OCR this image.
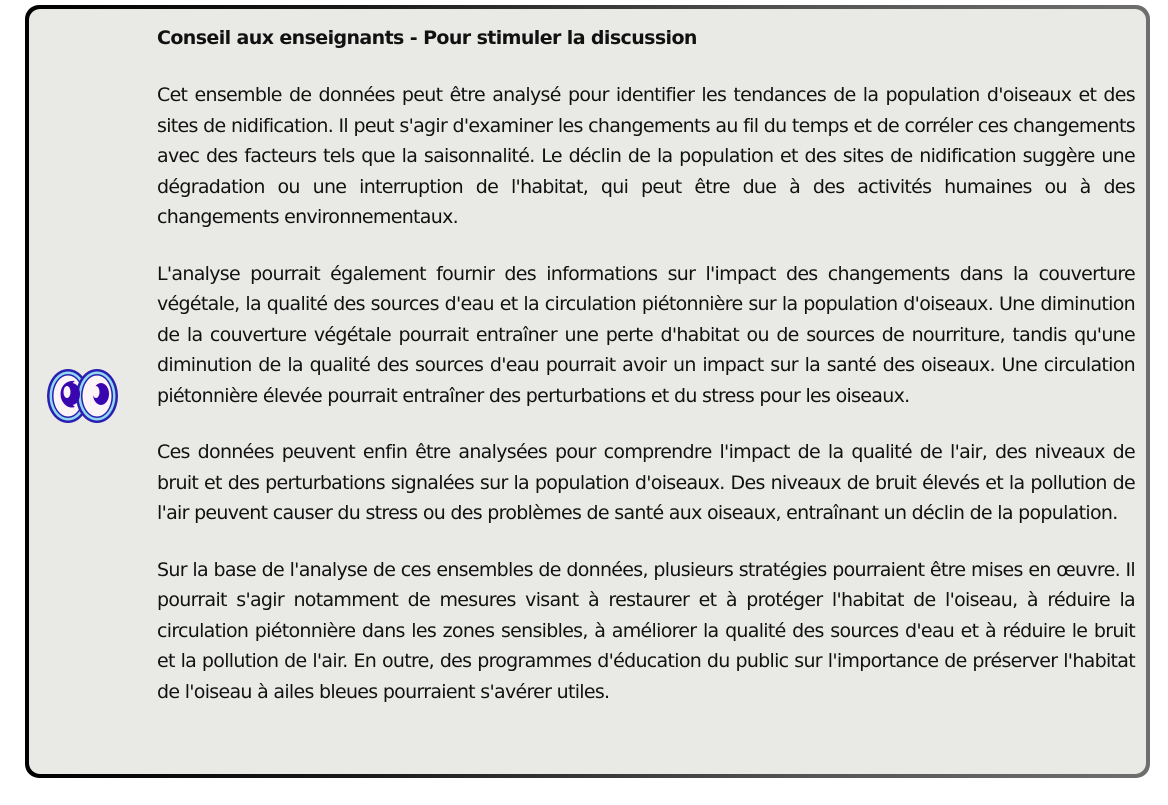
Conseil aux enseignants - Pour stimuler la discussion

Cet ensemble de données peut être analysé pour identifier les tendances de la population d'oiseaux et des sites de nidification. Il peut s'agir d'examiner les changements au fil du temps et de corréler ces changements avec des facteurs tels que la saisonnalité. Le déclin de la population et des sites de nidification suggère une dégradation ou une interruption de l'habitat, qui peut être due à des activités humaines ou à des changements environnementaux.

L'analyse pourrait également fournir des informations sur l'impact des changements dans la couverture végétale, la qualité des sources d'eau et la circulation piétonnière sur la population d'oiseaux. Une diminution de la couverture végétale pourrait entraîner une perte d'habitat ou de sources de nourriture, tandis qu'une diminution de la qualité des sources d'eau pourrait avoir un impact sur la santé des oiseaux. Une circulation piétonnière élevée pourrait entraîner des perturbations et du stress pour les oiseaux.

Ces données peuvent enfin être analysées pour comprendre l'impact de la qualité de l'air, des niveaux de bruit et des perturbations signalées sur la population d'oiseaux. Des niveaux de bruit élevés et la pollution de l'air peuvent causer du stress ou des problèmes de santé aux oiseaux, entraînant un déclin de la population.

Sur la base de l'analyse de ces ensembles de données, plusieurs stratégies pourraient être mises en œuvre. Il pourrait s'agir notamment de mesures visant à restaurer et à protéger l'habitat de l'oiseau, à réduire la circulation piétonnière dans les zones sensibles, à améliorer la qualité des sources d'eau et à réduire le bruit et la pollution de l'air. En outre, des programmes d'éducation du public sur l'importance de préserver l'habitat de l'oiseau à ailes bleues pourraient s'avérer utiles.
